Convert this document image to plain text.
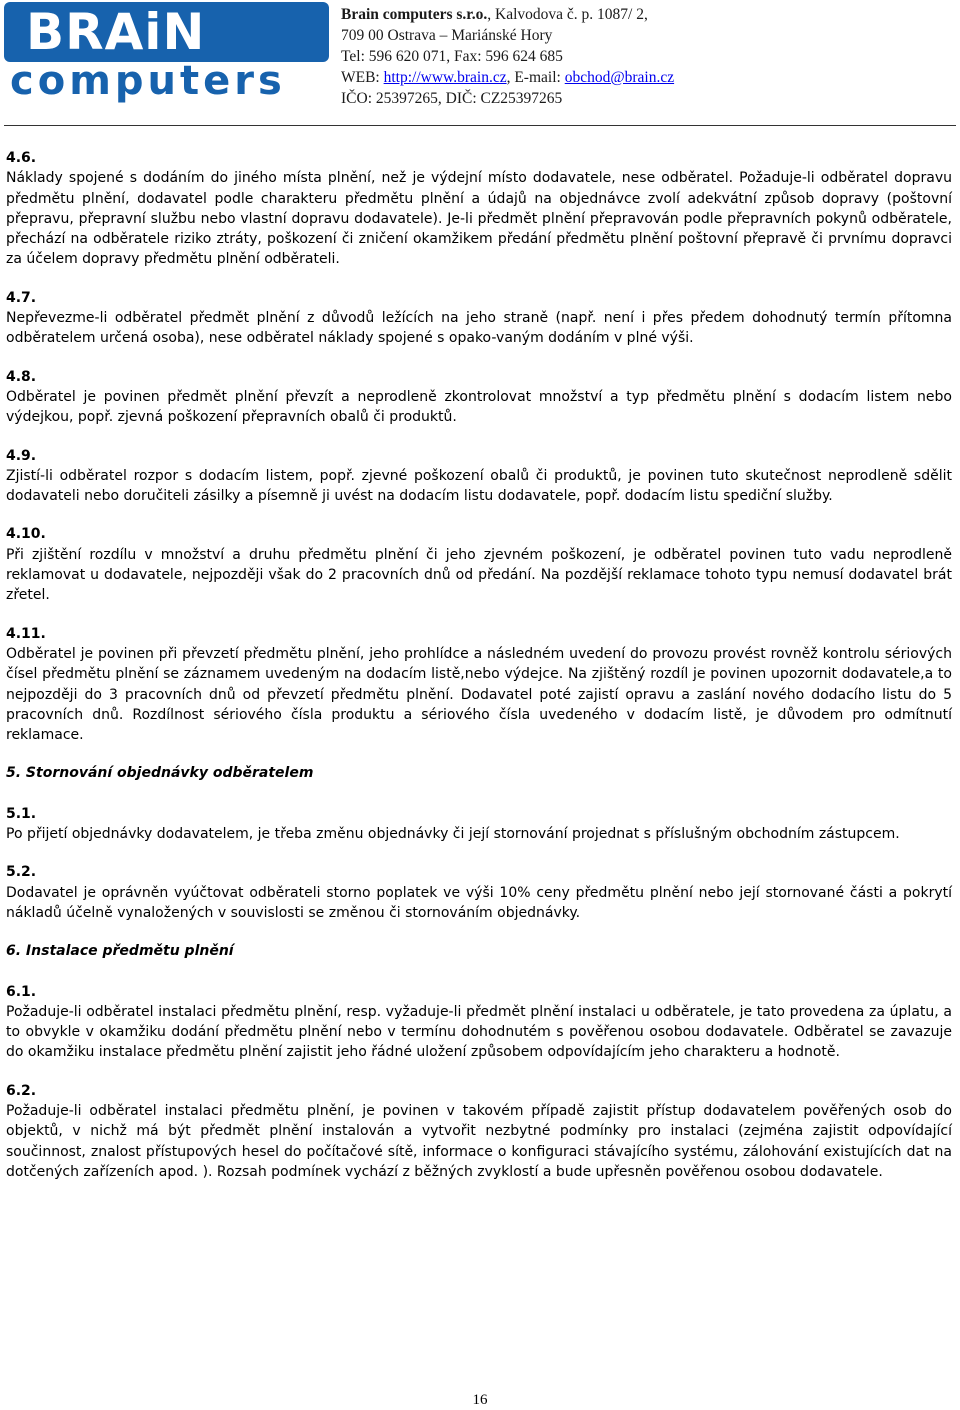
BRAiN
computers
Brain computers s.r.o., Kalvodova č. p. 1087/ 2,
709 00 Ostrava – Mariánské Hory
Tel: 596 620 071, Fax: 596 624 685
WEB: http://www.brain.cz, E-mail: obchod@brain.cz
IČO: 25397265, DIČ: CZ25397265
4.6.
Náklady spojené s dodáním do jiného místa plnění, než je výdejní místo dodavatele, nese odběratel. Požaduje-li odběratel dopravu předmětu plnění, dodavatel podle charakteru předmětu plnění a údajů na objednávce zvolí adekvátní způsob dopravy (poštovní přepravu, přepravní službu nebo vlastní dopravu dodavatele). Je-li předmět plnění přepravován podle přepravních pokynů odběratele, přechází na odběratele riziko ztráty, poškození či zničení okamžikem předání předmětu plnění poštovní přepravě či prvnímu dopravci za účelem dopravy předmětu plnění odběrateli.
4.7.
Nepřevezme-li odběratel předmět plnění z důvodů ležících na jeho straně (např. není i přes předem dohodnutý termín přítomna odběratelem určená osoba), nese odběratel náklady spojené s opako-vaným dodáním v plné výši.
4.8.
Odběratel je povinen předmět plnění převzít a neprodleně zkontrolovat množství a typ předmětu plnění s dodacím listem nebo výdejkou, popř. zjevná poškození přepravních obalů či produktů.
4.9.
Zjistí-li odběratel rozpor s dodacím listem, popř. zjevné poškození obalů či produktů, je povinen tuto skutečnost neprodleně sdělit dodavateli nebo doručiteli zásilky a písemně ji uvést na dodacím listu dodavatele, popř. dodacím listu spediční služby.
4.10.
Při zjištění rozdílu v množství a druhu předmětu plnění či jeho zjevném poškození, je odběratel povinen tuto vadu neprodleně reklamovat u dodavatele, nejpozději však do 2 pracovních dnů od předání. Na pozdější reklamace tohoto typu nemusí dodavatel brát zřetel.
4.11.
Odběratel je povinen při převzetí předmětu plnění, jeho prohlídce a následném uvedení do provozu provést rovněž kontrolu sériových čísel předmětu plnění se záznamem uvedeným na dodacím listě,nebo výdejce. Na zjištěný rozdíl je povinen upozornit dodavatele,a to nejpozději do 3 pracovních dnů od převzetí předmětu plnění. Dodavatel poté zajistí opravu a zaslání nového dodacího listu do 5 pracovních dnů. Rozdílnost sériového čísla produktu a sériového čísla uvedeného v dodacím listě, je důvodem pro odmítnutí reklamace.
5. Stornování objednávky odběratelem
5.1.
Po přijetí objednávky dodavatelem, je třeba změnu objednávky či její stornování projednat s příslušným obchodním zástupcem.
5.2.
Dodavatel je oprávněn vyúčtovat odběrateli storno poplatek ve výši 10% ceny předmětu plnění nebo její stornované části a pokrytí nákladů účelně vynaložených v souvislosti se změnou či stornováním objednávky.
6. Instalace předmětu plnění
6.1.
Požaduje-li odběratel instalaci předmětu plnění, resp. vyžaduje-li předmět plnění instalaci u odběratele, je tato provedena za úplatu, a to obvykle v okamžiku dodání předmětu plnění nebo v termínu dohodnutém s pověřenou osobou dodavatele. Odběratel se zavazuje do okamžiku instalace předmětu plnění zajistit jeho řádné uložení způsobem odpovídajícím jeho charakteru a hodnotě.
6.2.
Požaduje-li odběratel instalaci předmětu plnění, je povinen v takovém případě zajistit přístup dodavatelem pověřených osob do objektů, v nichž má být předmět plnění instalován a vytvořit nezbytné podmínky pro instalaci (zejména zajistit odpovídající součinnost, znalost přístupových hesel do počítačové sítě, informace o konfiguraci stávajícího systému, zálohování existujících dat na dotčených zařízeních apod. ). Rozsah podmínek vychází z běžných zvyklostí a bude upřesněn pověřenou osobou dodavatele.
16
